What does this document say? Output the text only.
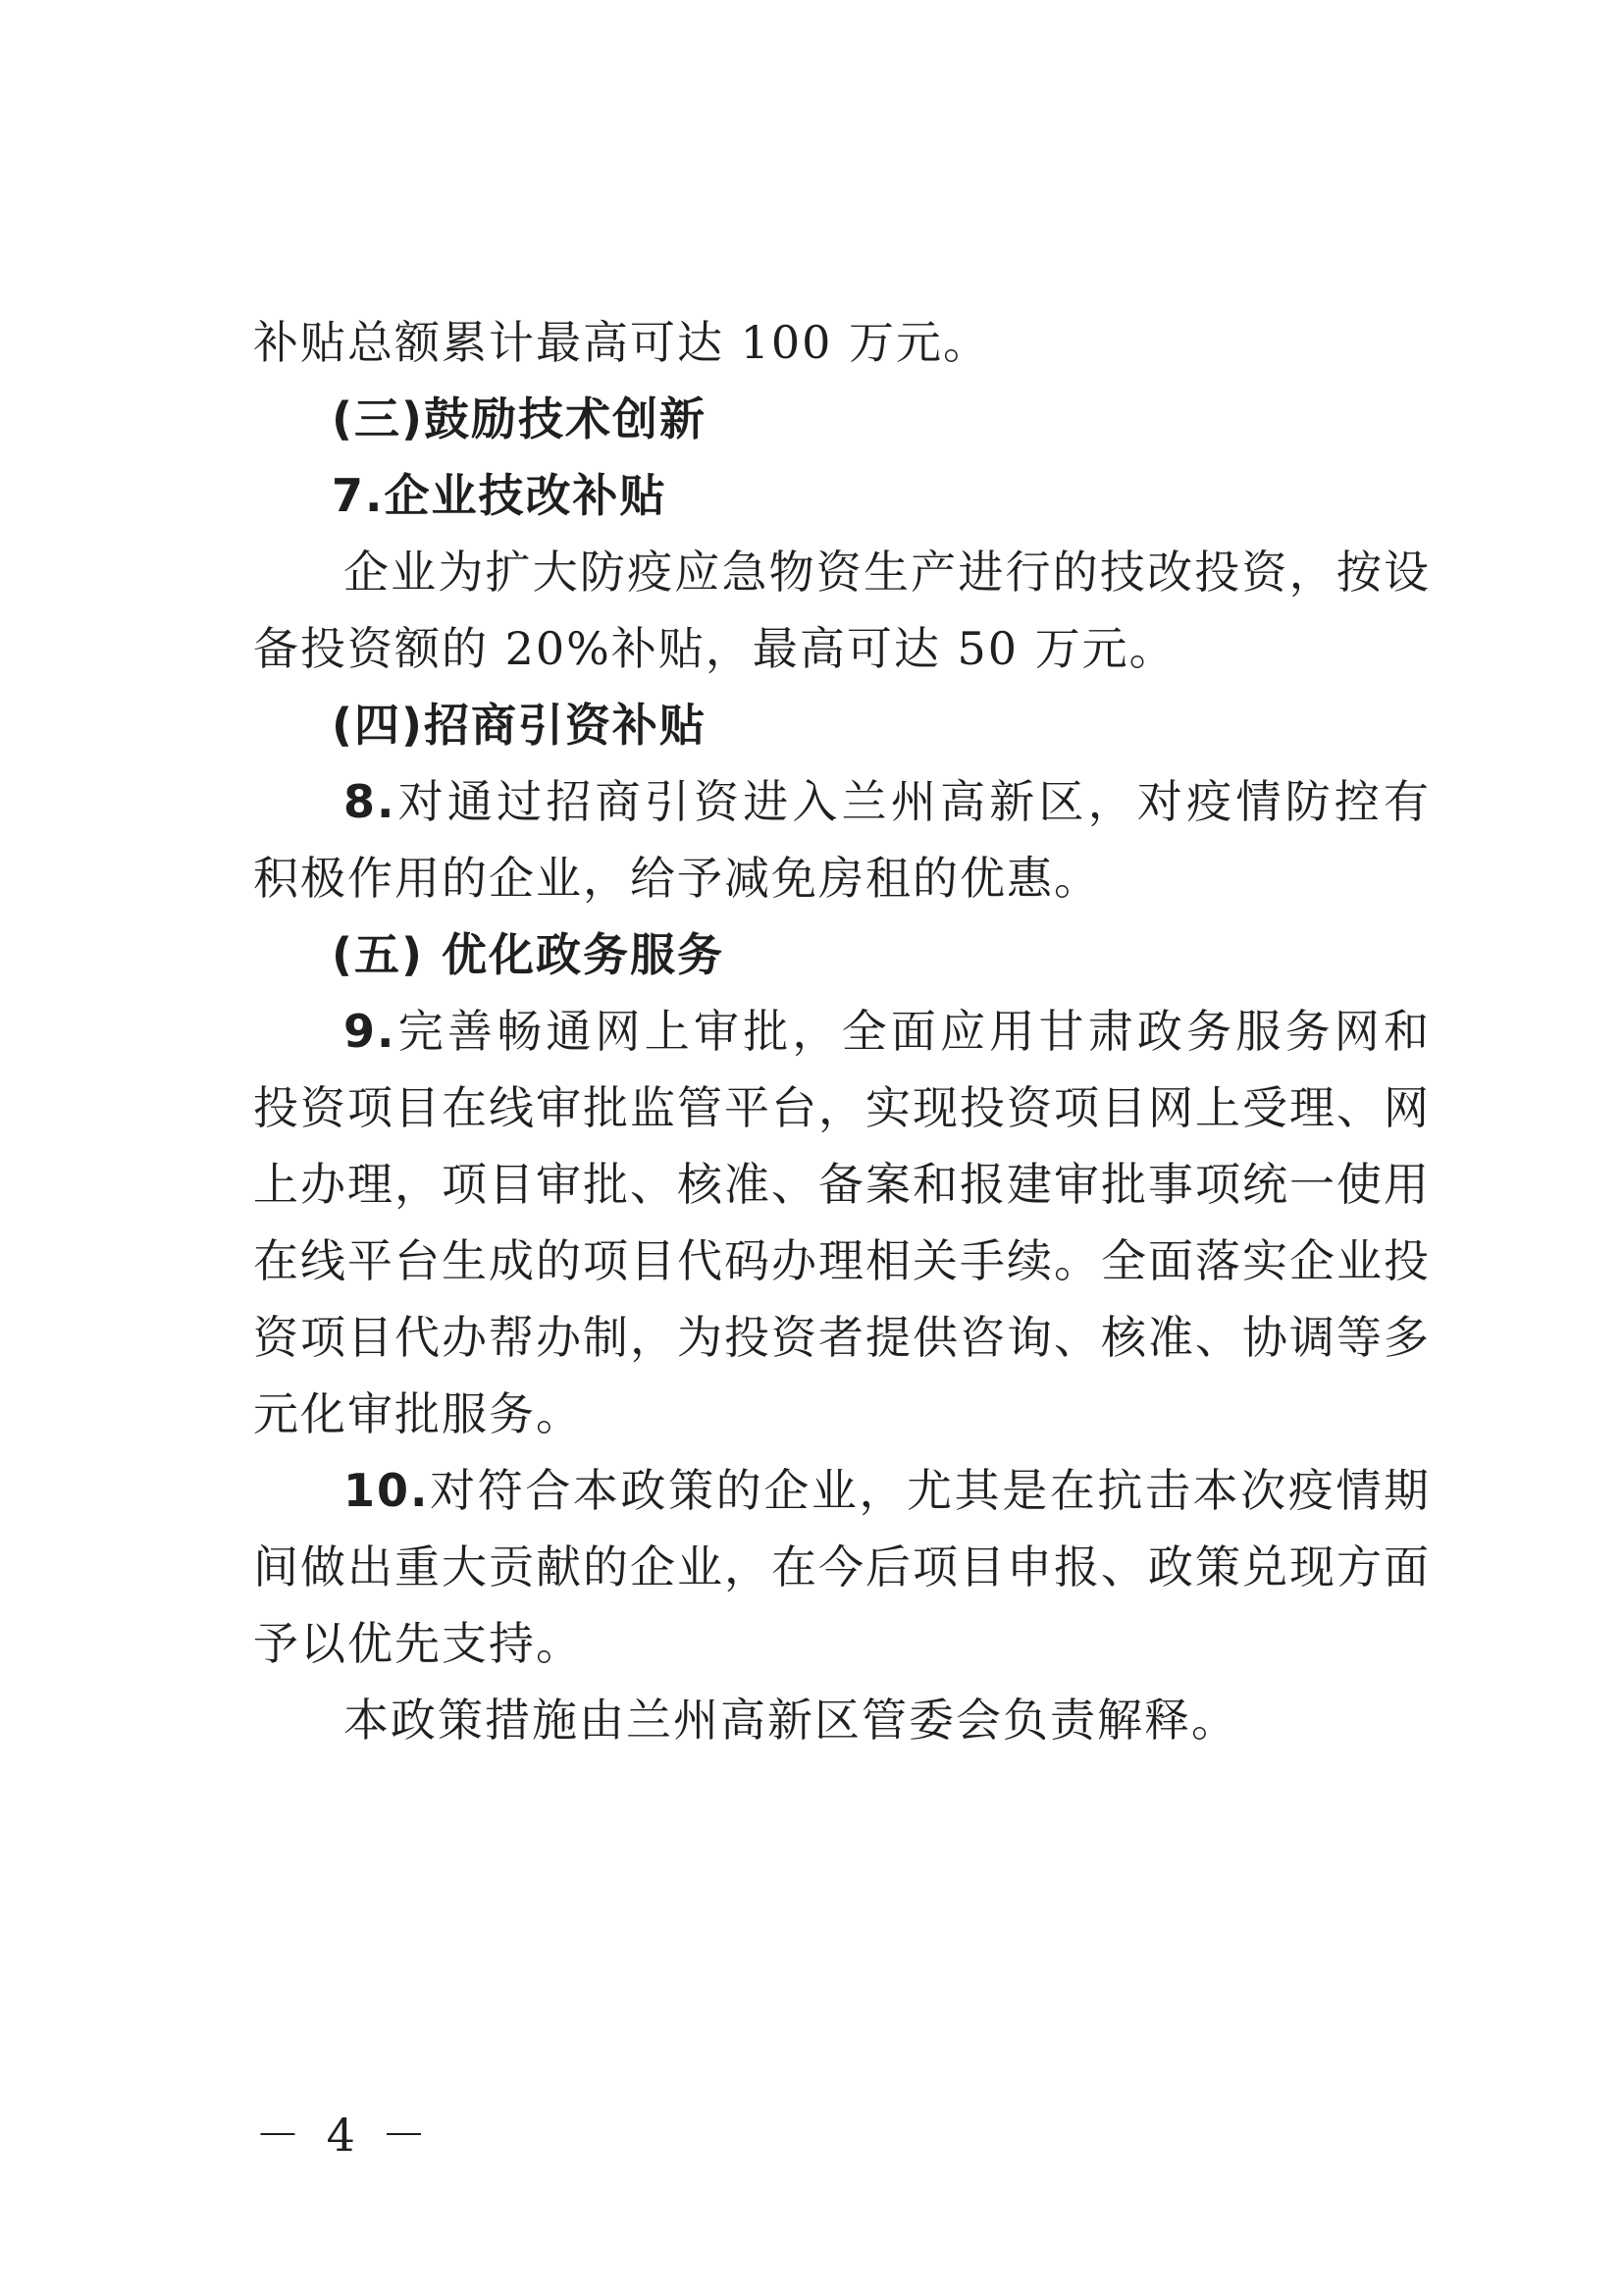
补贴总额累计最高可达 100 万元。

(三)鼓励技术创新

7.企业技改补贴

企业为扩大防疫应急物资生产进行的技改投资，按设备投资额的 20%补贴，最高可达 50 万元。

(四)招商引资补贴

8.对通过招商引资进入兰州高新区，对疫情防控有积极作用的企业，给予减免房租的优惠。

(五) 优化政务服务

9.完善畅通网上审批，全面应用甘肃政务服务网和投资项目在线审批监管平台，实现投资项目网上受理、网上办理，项目审批、核准、备案和报建审批事项统一使用在线平台生成的项目代码办理相关手续。全面落实企业投资项目代办帮办制，为投资者提供咨询、核准、协调等多元化审批服务。

10.对符合本政策的企业，尤其是在抗击本次疫情期间做出重大贡献的企业，在今后项目申报、政策兑现方面予以优先支持。

本政策措施由兰州高新区管委会负责解释。

－ 4 －
